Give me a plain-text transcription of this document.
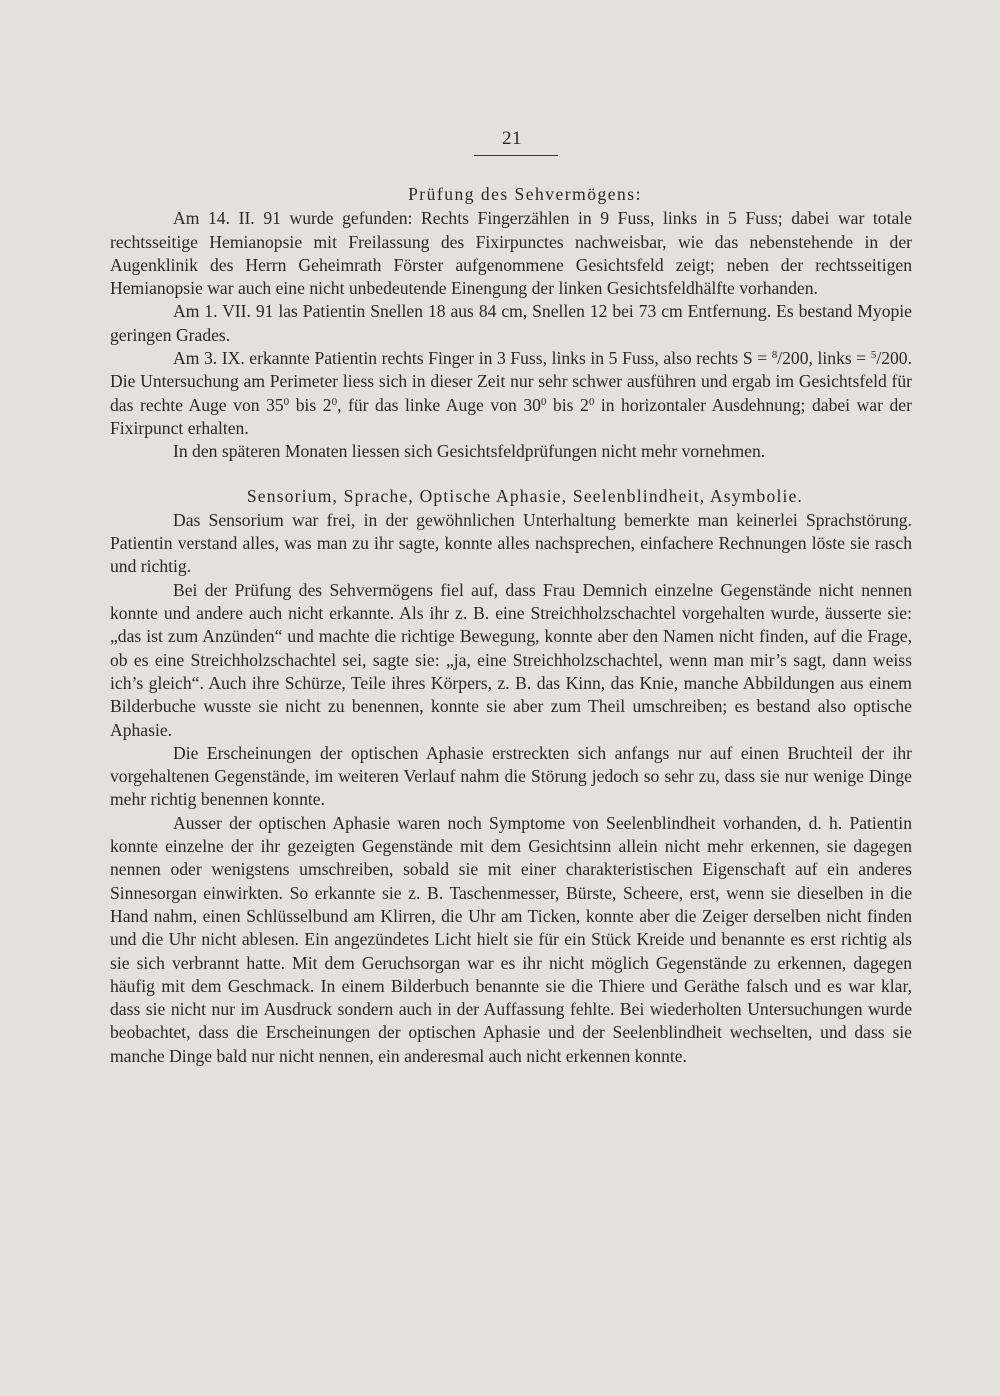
21
Prüfung des Sehvermögens:

Am 14. II. 91 wurde gefunden: Rechts Fingerzählen in 9 Fuss, links in 5 Fuss; dabei war totale rechtsseitige Hemianopsie mit Freilassung des Fixirpunctes nachweisbar, wie das nebenstehende in der Augenklinik des Herrn Geheimrath Förster aufgenommene Gesichtsfeld zeigt; neben der rechtsseitigen Hemianopsie war auch eine nicht unbedeutende Einengung der linken Gesichtsfeldhälfte vorhanden.

Am 1. VII. 91 las Patientin Snellen 18 aus 84 cm, Snellen 12 bei 73 cm Entfernung. Es bestand Myopie geringen Grades.

Am 3. IX. erkannte Patientin rechts Finger in 3 Fuss, links in 5 Fuss, also rechts S = $^8$/200, links = $^5$/200. Die Untersuchung am Perimeter liess sich in dieser Zeit nur sehr schwer ausführen und ergab im Gesichtsfeld für das rechte Auge von $35^0$ bis $2^0$, für das linke Auge von $30^0$ bis $2^0$ in horizontaler Ausdehnung; dabei war der Fixirpunct erhalten.

In den späteren Monaten liessen sich Gesichtsfeldprüfungen nicht mehr vornehmen.

Sensorium, Sprache, Optische Aphasie, Seelenblindheit, Asymbolie.

Das Sensorium war frei, in der gewöhnlichen Unterhaltung bemerkte man keinerlei Sprachstörung. Patientin verstand alles, was man zu ihr sagte, konnte alles nachsprechen, einfachere Rechnungen löste sie rasch und richtig.

Bei der Prüfung des Sehvermögens fiel auf, dass Frau Demnich einzelne Gegenstände nicht nennen konnte und andere auch nicht erkannte. Als ihr z. B. eine Streichholzschachtel vorgehalten wurde, äusserte sie: „das ist zum Anzünden“ und machte die richtige Bewegung, konnte aber den Namen nicht finden, auf die Frage, ob es eine Streichholzschachtel sei, sagte sie: „ja, eine Streichholzschachtel, wenn man mir’s sagt, dann weiss ich’s gleich“. Auch ihre Schürze, Teile ihres Körpers, z. B. das Kinn, das Knie, manche Abbildungen aus einem Bilderbuche wusste sie nicht zu benennen, konnte sie aber zum Theil umschreiben; es bestand also optische Aphasie.

Die Erscheinungen der optischen Aphasie erstreckten sich anfangs nur auf einen Bruchteil der ihr vorgehaltenen Gegenstände, im weiteren Verlauf nahm die Störung jedoch so sehr zu, dass sie nur wenige Dinge mehr richtig benennen konnte.

Ausser der optischen Aphasie waren noch Symptome von Seelenblindheit vorhanden, d. h. Patientin konnte einzelne der ihr gezeigten Gegenstände mit dem Gesichtsinn allein nicht mehr erkennen, sie dagegen nennen oder wenigstens umschreiben, sobald sie mit einer charakteristischen Eigenschaft auf ein anderes Sinnesorgan einwirkten. So erkannte sie z. B. Taschenmesser, Bürste, Scheere, erst, wenn sie dieselben in die Hand nahm, einen Schlüsselbund am Klirren, die Uhr am Ticken, konnte aber die Zeiger derselben nicht finden und die Uhr nicht ablesen. Ein angezündetes Licht hielt sie für ein Stück Kreide und benannte es erst richtig als sie sich verbrannt hatte. Mit dem Geruchsorgan war es ihr nicht möglich Gegenstände zu erkennen, dagegen häufig mit dem Geschmack. In einem Bilderbuch benannte sie die Thiere und Geräthe falsch und es war klar, dass sie nicht nur im Ausdruck sondern auch in der Auffassung fehlte. Bei wiederholten Untersuchungen wurde beobachtet, dass die Erscheinungen der optischen Aphasie und der Seelenblindheit wechselten, und dass sie manche Dinge bald nur nicht nennen, ein anderesmal auch nicht erkennen konnte.
